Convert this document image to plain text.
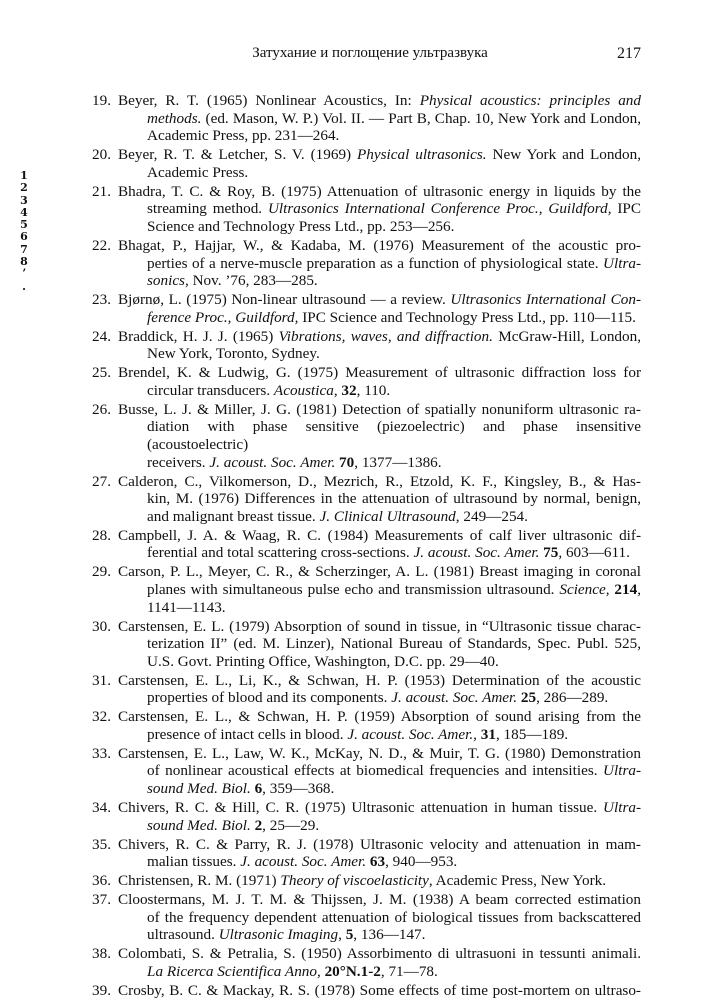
Затухание и поглощение ультразвука	217
1
2
3
4
5
6
7
8
ʼ
.
19. Beyer, R. T. (1965) Nonlinear Acoustics, In: Physical acoustics: principles and
methods. (ed. Mason, W. P.) Vol. II. — Part B, Chap. 10, New York and London,
Academic Press, pp. 231—264.
20. Beyer, R. T. & Letcher, S. V. (1969) Physical ultrasonics. New York and London,
Academic Press.
21. Bhadra, T. C. & Roy, B. (1975) Attenuation of ultrasonic energy in liquids by the
streaming method. Ultrasonics International Conference Proc., Guildford, IPC
Science and Technology Press Ltd., pp. 253—256.
22. Bhagat, P., Hajjar, W., & Kadaba, M. (1976) Measurement of the acoustic pro-
perties of a nerve-muscle preparation as a function of physiological state. Ultra-
sonics, Nov. ’76, 283—285.
23. Bjørnø, L. (1975) Non-linear ultrasound — a review. Ultrasonics International Con-
ference Proc., Guildford, IPC Science and Technology Press Ltd., pp. 110—115.
24. Braddick, H. J. J. (1965) Vibrations, waves, and diffraction. McGraw-Hill, London,
New York, Toronto, Sydney.
25. Brendel, K. & Ludwig, G. (1975) Measurement of ultrasonic diffraction loss for
circular transducers. Acoustica, 32, 110.
26. Busse, L. J. & Miller, J. G. (1981) Detection of spatially nonuniform ultrasonic ra-
diation with phase sensitive (piezoelectric) and phase insensitive (acoustoelectric)
receivers. J. acoust. Soc. Amer. 70, 1377—1386.
27. Calderon, C., Vilkomerson, D., Mezrich, R., Etzold, K. F., Kingsley, B., & Has-
kin, M. (1976) Differences in the attenuation of ultrasound by normal, benign,
and malignant breast tissue. J. Clinical Ultrasound, 249—254.
28. Campbell, J. A. & Waag, R. C. (1984) Measurements of calf liver ultrasonic dif-
ferential and total scattering cross-sections. J. acoust. Soc. Amer. 75, 603—611.
29. Carson, P. L., Meyer, C. R., & Scherzinger, A. L. (1981) Breast imaging in coronal
planes with simultaneous pulse echo and transmission ultrasound. Science, 214,
1141—1143.
30. Carstensen, E. L. (1979) Absorption of sound in tissue, in “Ultrasonic tissue charac-
terization II” (ed. M. Linzer), National Bureau of Standards, Spec. Publ. 525,
U.S. Govt. Printing Office, Washington, D.C. pp. 29—40.
31. Carstensen, E. L., Li, K., & Schwan, H. P. (1953) Determination of the acoustic
properties of blood and its components. J. acoust. Soc. Amer. 25, 286—289.
32. Carstensen, E. L., & Schwan, H. P. (1959) Absorption of sound arising from the
presence of intact cells in blood. J. acoust. Soc. Amer., 31, 185—189.
33. Carstensen, E. L., Law, W. K., McKay, N. D., & Muir, T. G. (1980) Demonstration
of nonlinear acoustical effects at biomedical frequencies and intensities. Ultra-
sound Med. Biol. 6, 359—368.
34. Chivers, R. C. & Hill, C. R. (1975) Ultrasonic attenuation in human tissue. Ultra-
sound Med. Biol. 2, 25—29.
35. Chivers, R. C. & Parry, R. J. (1978) Ultrasonic velocity and attenuation in mam-
malian tissues. J. acoust. Soc. Amer. 63, 940—953.
36. Christensen, R. M. (1971) Theory of viscoelasticity, Academic Press, New York.
37. Cloostermans, M. J. T. M. & Thijssen, J. M. (1938) A beam corrected estimation
of the frequency dependent attenuation of biological tissues from backscattered
ultrasound. Ultrasonic Imaging, 5, 136—147.
38. Colombati, S. & Petralia, S. (1950) Assorbimento di ultrasuoni in tessunti animali.
La Ricerca Scientifica Anno, 20°N.1-2, 71—78.
39. Crosby, B. C. & Mackay, R. S. (1978) Some effects of time post-mortem on ultraso-
